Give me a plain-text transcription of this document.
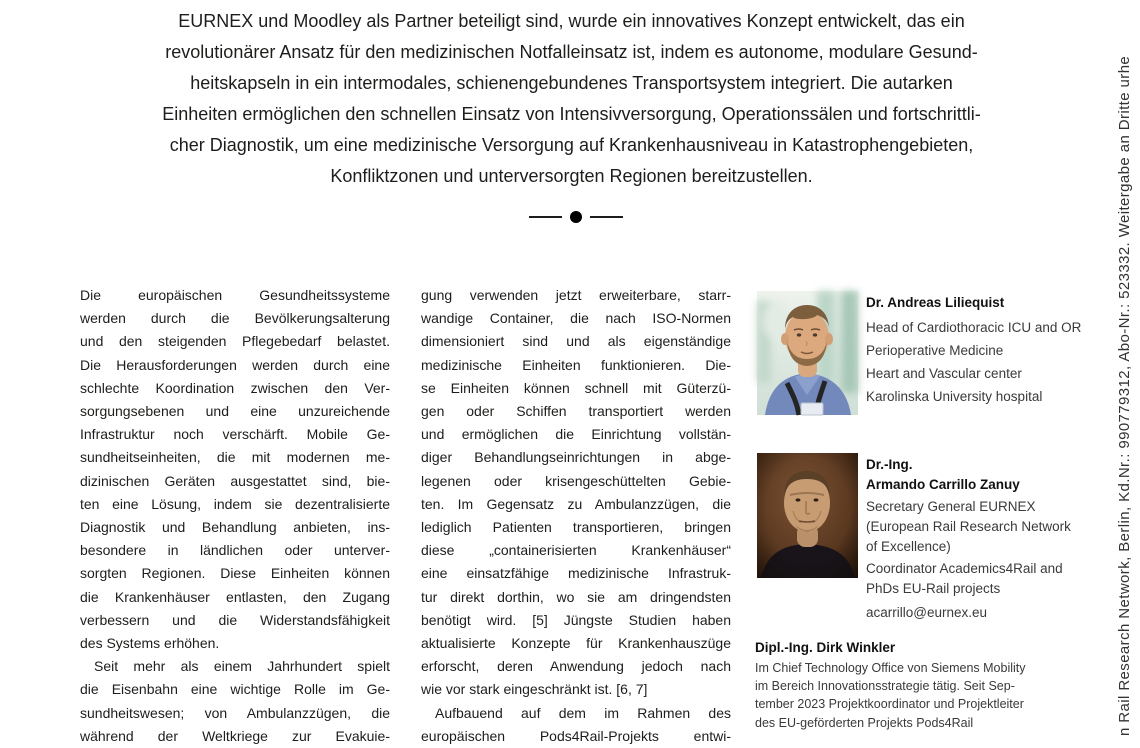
EURNEX und Moodley als Partner beteiligt sind, wurde ein innovatives Konzept entwickelt, das ein
revolutionärer Ansatz für den medizinischen Notfalleinsatz ist, indem es autonome, modulare Gesund-
heitskapseln in ein intermodales, schienengebundenes Transportsystem integriert. Die autarken
Einheiten ermöglichen den schnellen Einsatz von Intensivversorgung, Operationssälen und fortschrittli-
cher Diagnostik, um eine medizinische Versorgung auf Krankenhausniveau in Katastrophengebieten,
Konfliktzonen und unterversorgten Regionen bereitzustellen.
Die europäischen Gesundheitssysteme
werden durch die Bevölkerungsalterung
und den steigenden Pflegebedarf belastet.
Die Herausforderungen werden durch eine
schlechte Koordination zwischen den Ver-
sorgungsebenen und eine unzureichende
Infrastruktur noch verschärft. Mobile Ge-
sundheitseinheiten, die mit modernen me-
dizinischen Geräten ausgestattet sind, bie-
ten eine Lösung, indem sie dezentralisierte
Diagnostik und Behandlung anbieten, ins-
besondere in ländlichen oder unterver-
sorgten Regionen. Diese Einheiten können
die Krankenhäuser entlasten, den Zugang
verbessern und die Widerstandsfähigkeit
des Systems erhöhen.
Seit mehr als einem Jahrhundert spielt
die Eisenbahn eine wichtige Rolle im Ge-
sundheitswesen; von Ambulanzzügen, die
während der Weltkriege zur Evakuie-
gung verwenden jetzt erweiterbare, starr-
wandige Container, die nach ISO-Normen
dimensioniert sind und als eigenständige
medizinische Einheiten funktionieren. Die-
se Einheiten können schnell mit Güterzü-
gen oder Schiffen transportiert werden
und ermöglichen die Einrichtung vollstän-
diger Behandlungseinrichtungen in abge-
legenen oder krisengeschüttelten Gebie-
ten. Im Gegensatz zu Ambulanzzügen, die
lediglich Patienten transportieren, bringen
diese „containerisierten Krankenhäuser“
eine einsatzfähige medizinische Infrastruk-
tur direkt dorthin, wo sie am dringendsten
benötigt wird. [5] Jüngste Studien haben
aktualisierte Konzepte für Krankenhauszüge
erforscht, deren Anwendung jedoch nach
wie vor stark eingeschränkt ist. [6, 7]
Aufbauend auf dem im Rahmen des
europäischen Pods4Rail-Projekts entwi-
Dr. Andreas Liliequist
Head of Cardiothoracic ICU and OR
Perioperative Medicine
Heart and Vascular center
Karolinska University hospital
Dr.-Ing.
Armando Carrillo Zanuy
Secretary General EURNEX
(European Rail Research Network
of Excellence)
Coordinator Academics4Rail and
PhDs EU-Rail projects
acarrillo@eurnex.eu
Dipl.-Ing. Dirk Winkler
Im Chief Technology Office von Siemens Mobility
im Bereich Innovationsstrategie tätig. Seit Sep-
tember 2023 Projektkoordinator und Projektleiter
des EU-geförderten Projekts Pods4Rail	n Rail Research Network, Berlin, Kd.Nr.: 990779312, Abo-Nr.: 523332. Weitergabe an Dritte urhe
